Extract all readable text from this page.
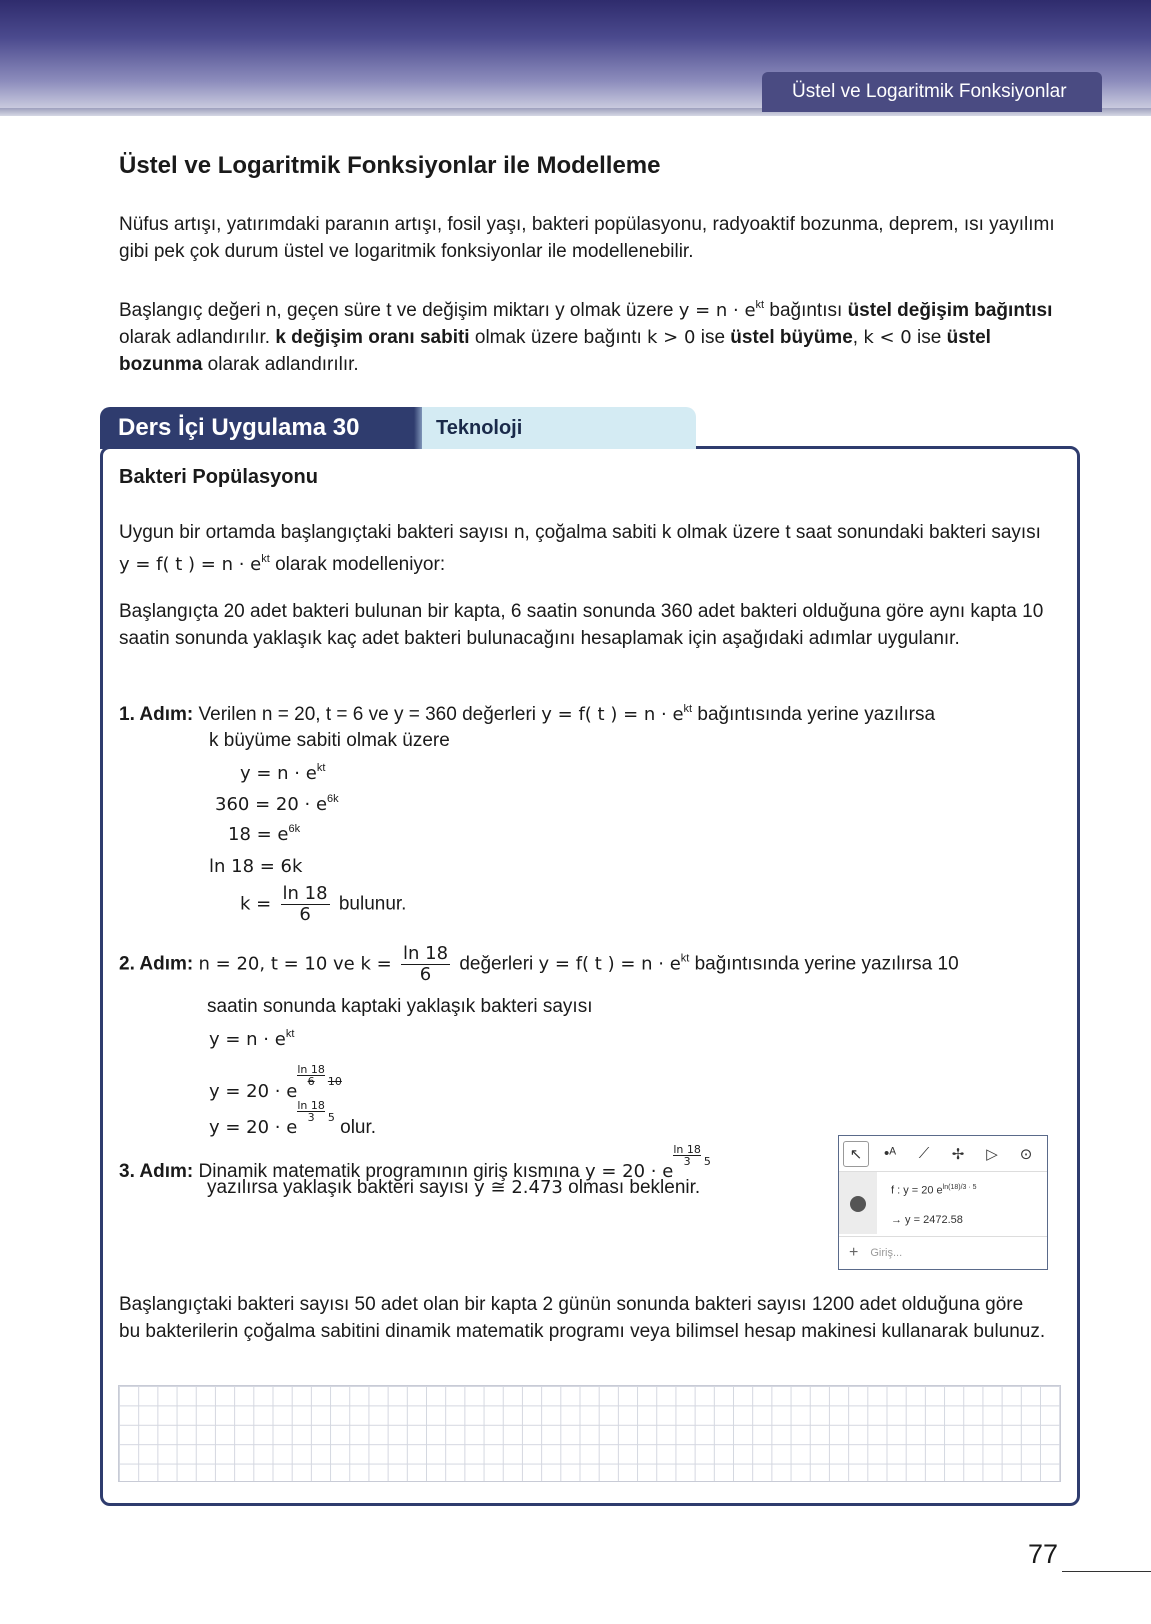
Üstel ve Logaritmik Fonksiyonlar
Üstel ve Logaritmik Fonksiyonlar ile Modelleme
Nüfus artışı, yatırımdaki paranın artışı, fosil yaşı, bakteri popülasyonu, radyoaktif bozunma, deprem, ısı yayılımı gibi pek çok durum üstel ve logaritmik fonksiyonlar ile modellenebilir.
Başlangıç değeri n, geçen süre t ve değişim miktarı y olmak üzere $y = n \cdot e^{kt}$ bağıntısı üstel değişim bağıntısı olarak adlandırılır. k değişim oranı sabiti olmak üzere bağıntı k > 0 ise üstel büyüme, k < 0 ise üstel bozunma olarak adlandırılır.
Ders İçi Uygulama 30	Teknoloji
Bakteri Popülasyonu
Uygun bir ortamda başlangıçtaki bakteri sayısı n, çoğalma sabiti k olmak üzere t saat sonundaki bakteri sayısı y = f( t ) = $n \cdot e^{kt}$ olarak modelleniyor:
Başlangıçta 20 adet bakteri bulunan bir kapta, 6 saatin sonunda 360 adet bakteri olduğuna göre aynı kapta 10 saatin sonunda yaklaşık kaç adet bakteri bulunacağını hesaplamak için aşağıdaki adımlar uygulanır.
1. Adım: Verilen n = 20, t = 6 ve y = 360 değerleri y = f( t ) = $n \cdot e^{kt}$ bağıntısında yerine yazılırsa
k büyüme sabiti olmak üzere
$y = n \cdot e^{kt}$
$360 = 20 \cdot e^{6k}$
$18 = e^{6k}$
ln 18 = 6k
$k = \frac{\ln 18}{6}$ bulunur.
2. Adım: n = 20, t = 10 ve $k = \frac{\ln 18}{6}$ değerleri y = f( t ) = $n \cdot e^{kt}$ bağıntısında yerine yazılırsa 10
saatin sonunda kaptaki yaklaşık bakteri sayısı
$y = n \cdot e^{kt}$
y = 20 · e
$\frac{\ln 18}{6} ^{10}$
y = 20 · e
$\frac{\ln 18}{3} ^5$ olur.
3. Adım: Dinamik matematik programının giriş kısmına y = 20 · e
$\frac{\ln 18}{3} ^5$
yazılırsa yaklaşık bakteri sayısı y ≅ 2.473 olması beklenir.
↖	•ᴬ	⟋	✢	▷	⊙
f : y = 20 $e^{ln(18)/3 \cdot 5}$
→ y = 2472.58
+ Giriş...
Başlangıçtaki bakteri sayısı 50 adet olan bir kapta 2 günün sonunda bakteri sayısı 1200 adet olduğuna göre bu bakterilerin çoğalma sabitini dinamik matematik programı veya bilimsel hesap makinesi kullanarak bulunuz.
77
